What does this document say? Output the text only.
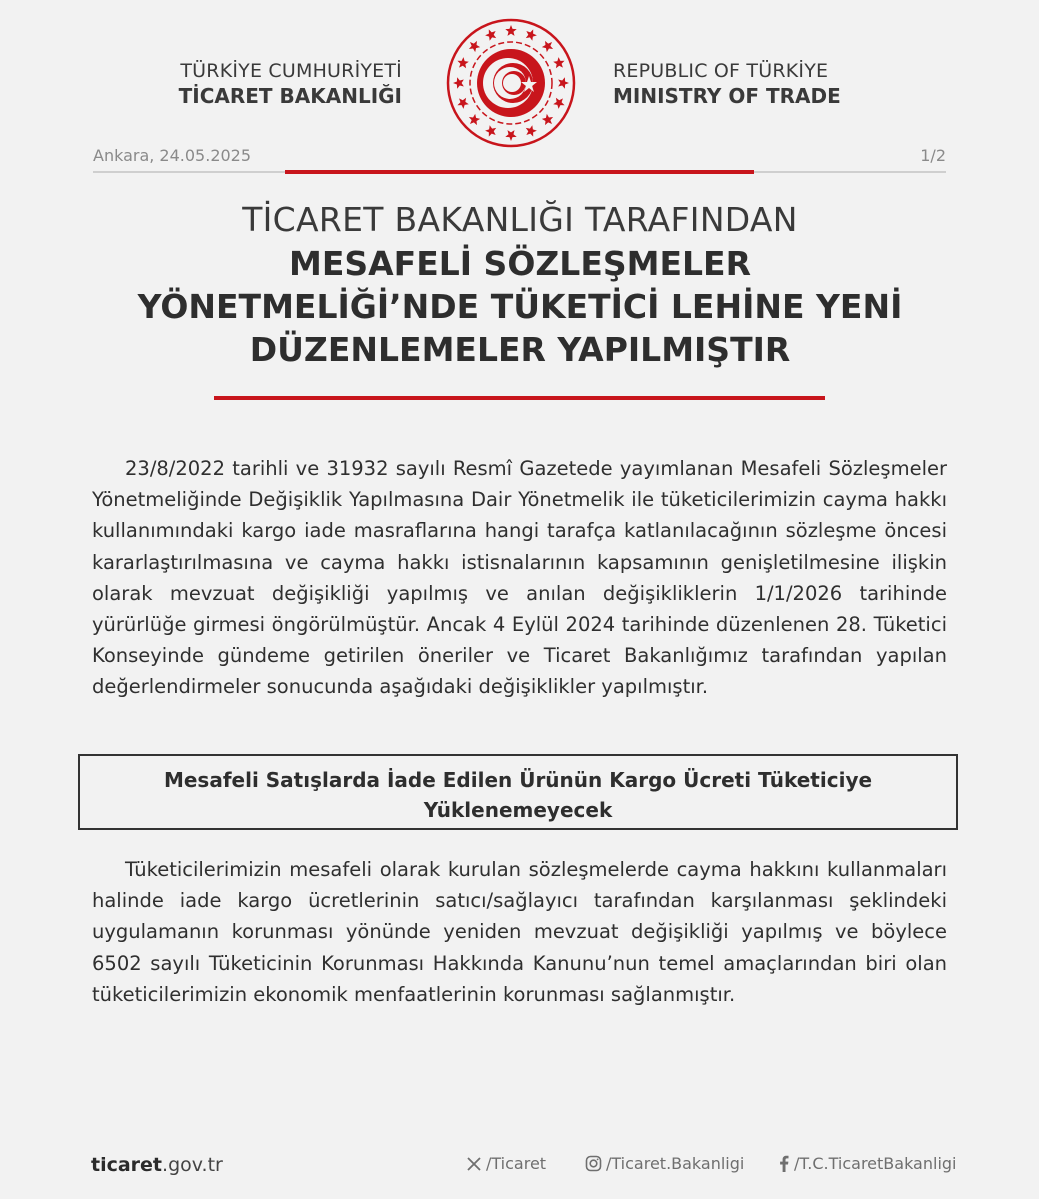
TÜRKİYE CUMHURİYETİ
TİCARET BAKANLIĞI
REPUBLIC OF TÜRKİYE
MINISTRY OF TRADE
Ankara, 24.05.2025	1/2
TİCARET BAKANLIĞI TARAFINDAN
MESAFELİ SÖZLEŞMELER
YÖNETMELİĞİ’NDE TÜKETİCİ LEHİNE YENİ
DÜZENLEMELER YAPILMIŞTIR
23/8/2022 tarihli ve 31932 sayılı Resmî Gazetede yayımlanan Mesafeli Sözleşmeler Yönetmeliğinde Değişiklik Yapılmasına Dair Yönetmelik ile tüketicilerimizin cayma hakkı kullanımındaki kargo iade masraflarına hangi tarafça katlanılacağının sözleşme öncesi kararlaştırılmasına ve cayma hakkı istisnalarının kapsamının genişletilmesine ilişkin olarak mevzuat değişikliği yapılmış ve anılan değişikliklerin 1/1/2026 tarihinde yürürlüğe girmesi öngörülmüştür. Ancak 4 Eylül 2024 tarihinde düzenlenen 28. Tüketici Konseyinde gündeme getirilen öneriler ve Ticaret Bakanlığımız tarafından yapılan değerlendirmeler sonucunda aşağıdaki değişiklikler yapılmıştır.
Mesafeli Satışlarda İade Edilen Ürünün Kargo Ücreti Tüketiciye
Yüklenemeyecek
Tüketicilerimizin mesafeli olarak kurulan sözleşmelerde cayma hakkını kullanmaları halinde iade kargo ücretlerinin satıcı/sağlayıcı tarafından karşılanması şeklindeki uygulamanın korunması yönünde yeniden mevzuat değişikliği yapılmış ve böylece 6502 sayılı Tüketicinin Korunması Hakkında Kanunu’nun temel amaçlarından biri olan tüketicilerimizin ekonomik menfaatlerinin korunması sağlanmıştır.
ticaret.gov.tr	/Ticaret	/Ticaret.Bakanligi	/T.C.TicaretBakanligi
